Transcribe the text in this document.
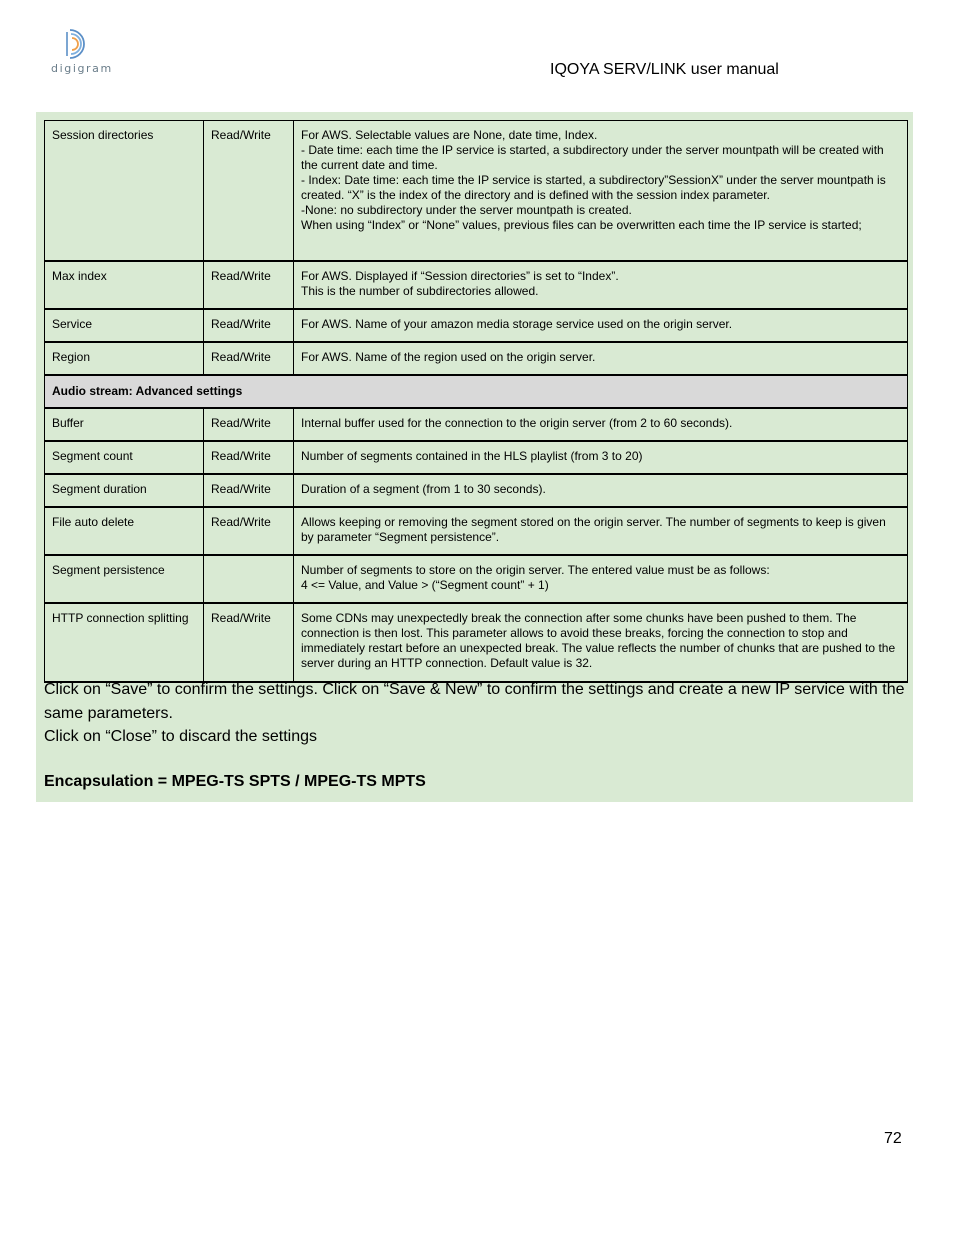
digigram	IQOYA SERV/LINK user manual
Session directories	Read/Write	For AWS. Selectable values are None, date time, Index.
- Date time: each time the IP service is started, a subdirectory under the server mountpath will be created with the current date and time.
- Index: Date time: each time the IP service is started, a subdirectory”SessionX” under the server mountpath is created. “X” is the index of the directory and is defined with the session index parameter.
-None: no subdirectory under the server mountpath is created.
When using “Index” or “None” values, previous files can be overwritten each time the IP service is started;

Max index	Read/Write	For AWS. Displayed if “Session directories” is set to “Index”.
This is the number of subdirectories allowed.

Service	Read/Write	For AWS. Name of your amazon media storage service used on the origin server.

Region	Read/Write	For AWS. Name of the region used on the origin server.

Audio stream: Advanced settings		
Buffer	Read/Write	Internal buffer used for the connection to the origin server (from 2 to 60 seconds).

Segment count	Read/Write	Number of segments contained in the HLS playlist (from 3 to 20)

Segment duration	Read/Write	Duration of a segment (from 1 to 30 seconds).

File auto delete	Read/Write	Allows keeping or removing the segment stored on the origin server. The number of segments to keep is given by parameter “Segment persistence”.

Segment persistence		Number of segments to store on the origin server. The entered value must be as follows:
4 <= Value, and Value > (“Segment count” + 1)

HTTP connection splitting	Read/Write	Some CDNs may unexpectedly break the connection after some chunks have been pushed to them. The connection is then lost. This parameter allows to avoid these breaks, forcing the connection to stop and immediately restart before an unexpected break. The value reflects the number of chunks that are pushed to the server during an HTTP connection. Default value is 32.

Click on “Save” to confirm the settings. Click on “Save & New” to confirm the settings and create a new IP service with the same parameters.

Click on “Close” to discard the settings

Encapsulation = MPEG-TS SPTS / MPEG-TS MPTS

72
